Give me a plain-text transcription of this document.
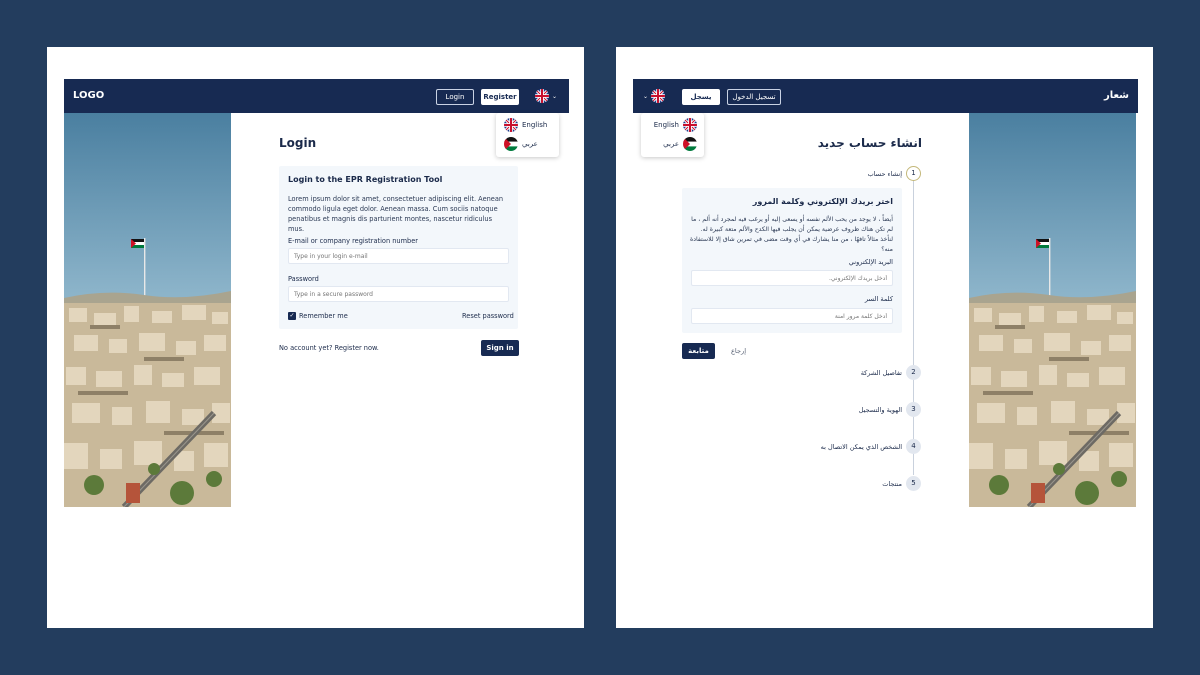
LOGO	Login	Register	⌄
English
عربي
Login
Login to the EPR Registration Tool
Lorem ipsum dolor sit amet, consectetuer adipiscing elit. Aenean commodo ligula eget dolor. Aenean massa. Cum sociis natoque penatibus et magnis dis parturient montes, nascetur ridiculus mus.
E-mail or company registration number
Type in your login e-mail
Password
✓ Remember me	Reset password
No account yet? Register now.	Sign in
⌄	يسجل	تسجيل الدخول	شعار
English
عربي	انشاء حساب جديد
1
إنشاء حساب
اختر بريدك الإلكتروني وكلمة المرور
أيضاً ، لا يوجد من يحب الألم نفسه أو يسعى إليه أو يرغب فيه لمجرد أنه ألم ، ما لم تكن هناك ظروف عرضية يمكن أن يجلب فيها الكدح والألم متعة كبيرة له. لنأخذ مثالاً تافهًا ، من منا يشارك في أي وقت مضى في تمرين شاق إلا للاستفادة منه؟
البريد الإلكتروني
أدخل بريدك الإلكتروني.
كلمة السر
متابعة	إرجاع
2
تفاصيل الشركة
3
الهوية والتسجيل
4
الشخص الذي يمكن الاتصال به
5
منتجات
